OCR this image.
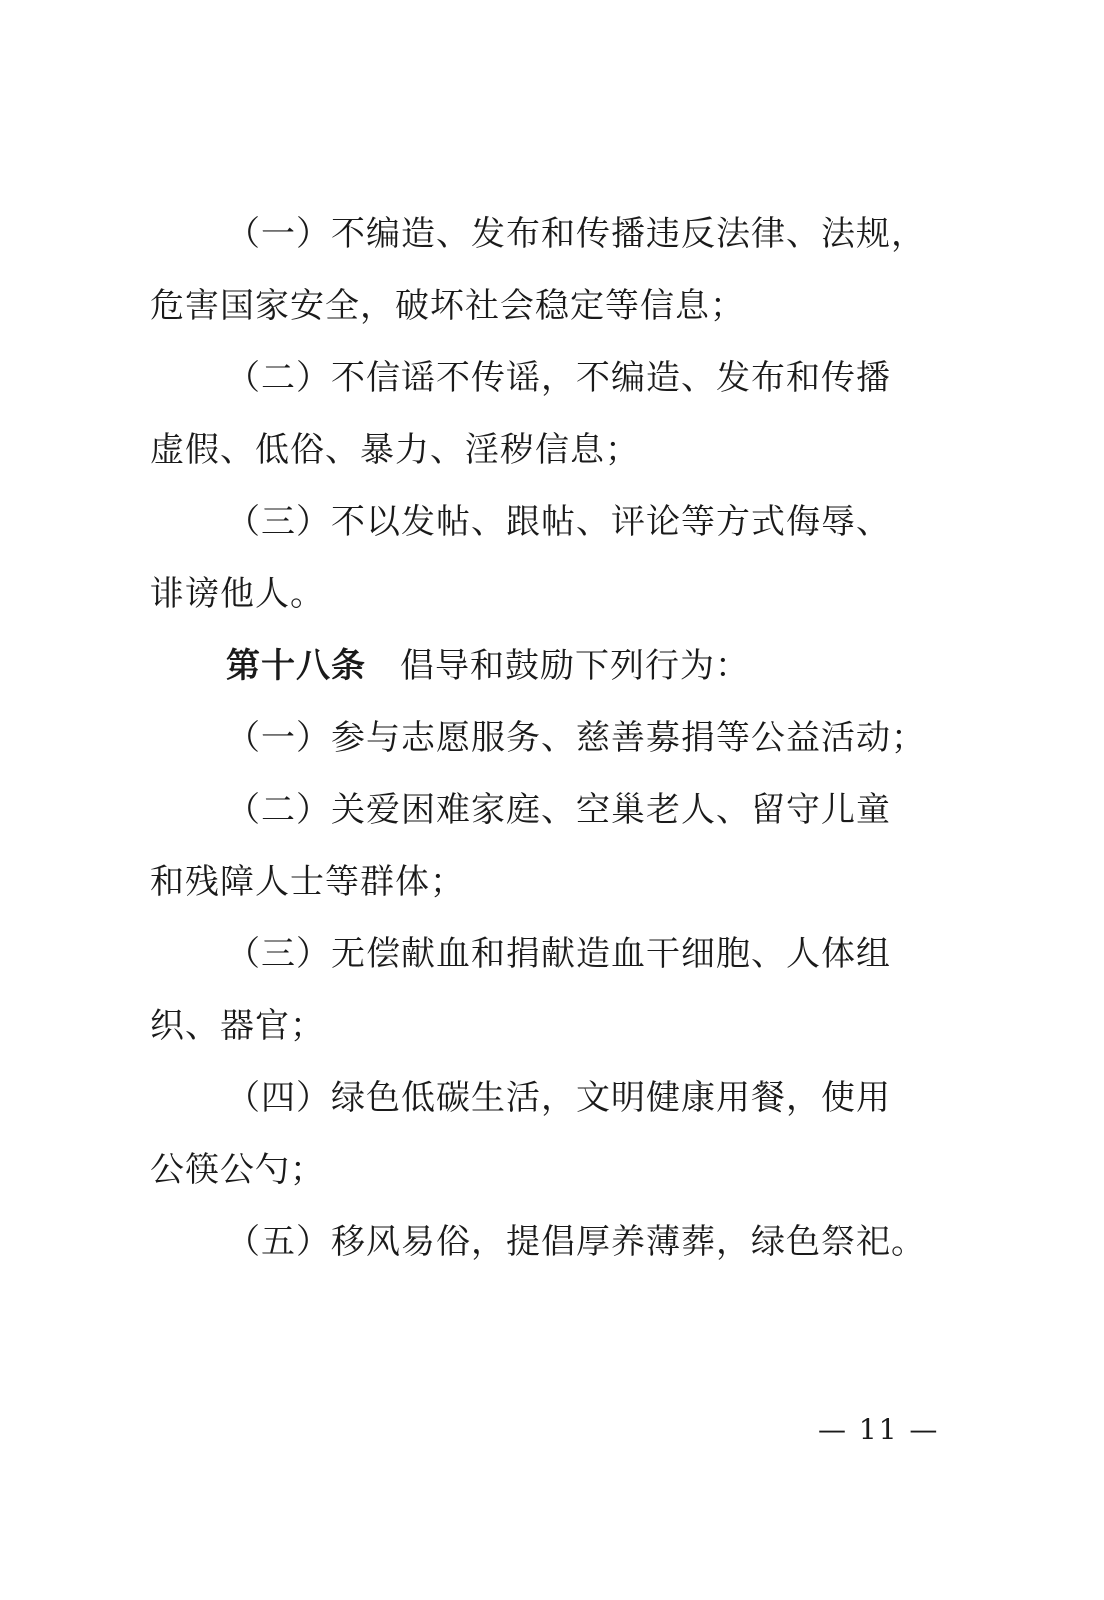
（一）不编造、发布和传播违反法律、法规，
危害国家安全，破坏社会稳定等信息；
（二）不信谣不传谣，不编造、发布和传播
虚假、低俗、暴力、淫秽信息；
（三）不以发帖、跟帖、评论等方式侮辱、
诽谤他人。
第十八条 倡导和鼓励下列行为：
（一）参与志愿服务、慈善募捐等公益活动；
（二）关爱困难家庭、空巢老人、留守儿童
和残障人士等群体；
（三）无偿献血和捐献造血干细胞、人体组
织、器官；
（四）绿色低碳生活，文明健康用餐，使用
公筷公勺；
（五）移风易俗，提倡厚养薄葬，绿色祭祀。
— 11 —
